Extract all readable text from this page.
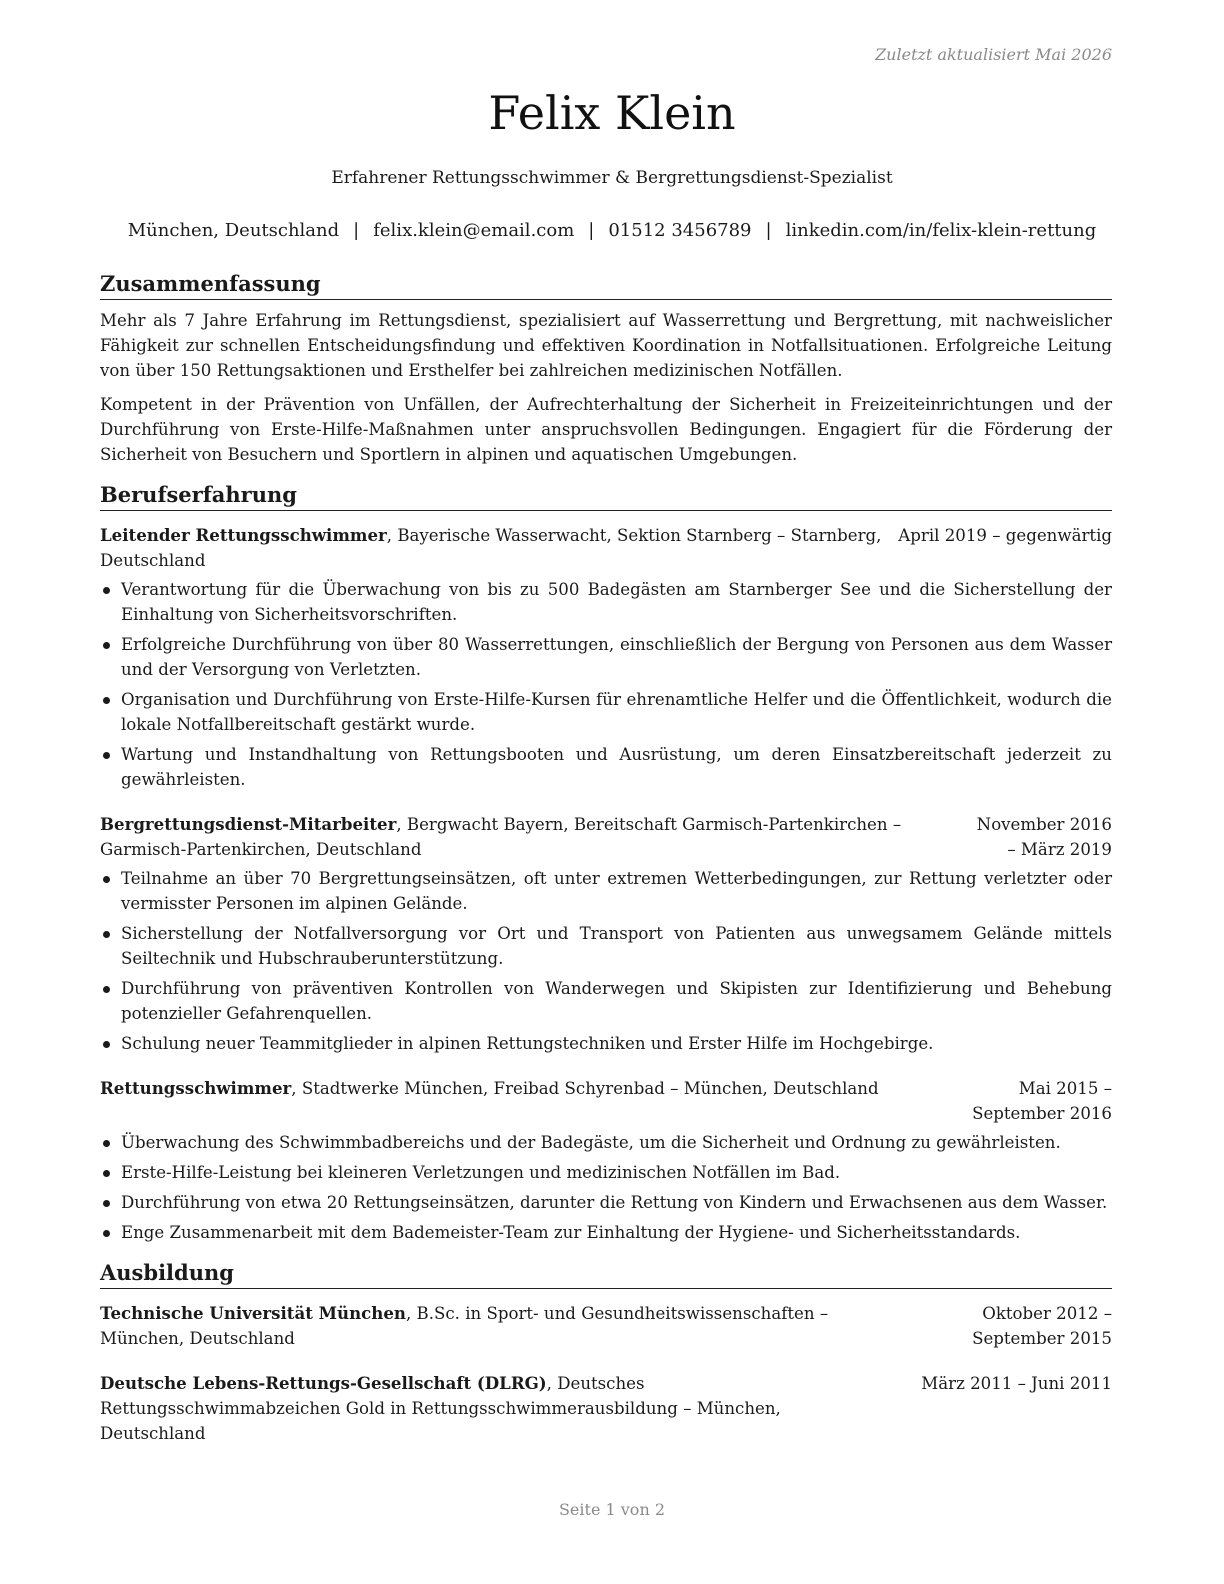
Zuletzt aktualisiert Mai 2026
Felix Klein

Erfahrener Rettungsschwimmer & Bergrettungsdienst-Spezialist

München, Deutschland | felix.klein@email.com | 01512 3456789 | linkedin.com/in/felix-klein-rettung

Zusammenfassung

Mehr als 7 Jahre Erfahrung im Rettungsdienst, spezialisiert auf Wasserrettung und Bergrettung, mit nachweislicher Fähigkeit zur schnellen Entscheidungsfindung und effektiven Koordination in Notfallsituationen. Erfolgreiche Leitung von über 150 Rettungsaktionen und Ersthelfer bei zahlreichen medizinischen Notfällen.

Kompetent in der Prävention von Unfällen, der Aufrechterhaltung der Sicherheit in Freizeiteinrichtungen und der Durchführung von Erste-Hilfe-Maßnahmen unter anspruchsvollen Bedingungen. Engagiert für die Förderung der Sicherheit von Besuchern und Sportlern in alpinen und aquatischen Umgebungen.

Berufserfahrung
Leitender Rettungsschwimmer, Bayerische Wasserwacht, Sektion Starnberg – Starnberg, Deutschland
April 2019 – gegenwärtig
Verantwortung für die Überwachung von bis zu 500 Badegästen am Starnberger See und die Sicherstellung der Einhaltung von Sicherheitsvorschriften.
Erfolgreiche Durchführung von über 80 Wasserrettungen, einschließlich der Bergung von Personen aus dem Wasser und der Versorgung von Verletzten.
Organisation und Durchführung von Erste-Hilfe-Kursen für ehrenamtliche Helfer und die Öffentlichkeit, wodurch die lokale Notfallbereitschaft gestärkt wurde.
Wartung und Instandhaltung von Rettungsbooten und Ausrüstung, um deren Einsatzbereitschaft jederzeit zu gewährleisten.
Bergrettungsdienst-Mitarbeiter, Bergwacht Bayern, Bereitschaft Garmisch-Partenkirchen – Garmisch-Partenkirchen, Deutschland
November 2016 – März 2019
Teilnahme an über 70 Bergrettungseinsätzen, oft unter extremen Wetterbedingungen, zur Rettung verletzter oder vermisster Personen im alpinen Gelände.
Sicherstellung der Notfallversorgung vor Ort und Transport von Patienten aus unwegsamem Gelände mittels Seiltechnik und Hubschrauberunterstützung.
Durchführung von präventiven Kontrollen von Wanderwegen und Skipisten zur Identifizierung und Behebung potenzieller Gefahrenquellen.
Schulung neuer Teammitglieder in alpinen Rettungstechniken und Erster Hilfe im Hochgebirge.
Rettungsschwimmer, Stadtwerke München, Freibad Schyrenbad – München, Deutschland	Mai 2015 – September 2016
Überwachung des Schwimmbadbereichs und der Badegäste, um die Sicherheit und Ordnung zu gewährleisten.
Erste-Hilfe-Leistung bei kleineren Verletzungen und medizinischen Notfällen im Bad.
Durchführung von etwa 20 Rettungseinsätzen, darunter die Rettung von Kindern und Erwachsenen aus dem Wasser.
Enge Zusammenarbeit mit dem Bademeister-Team zur Einhaltung der Hygiene- und Sicherheitsstandards.
Ausbildung
Technische Universität München, B.Sc. in Sport- und Gesundheitswissenschaften – München, Deutschland
Oktober 2012 – September 2015
Deutsche Lebens-Rettungs-Gesellschaft (DLRG), Deutsches Rettungsschwimmabzeichen Gold in Rettungsschwimmerausbildung – München, Deutschland
März 2011 – Juni 2011
Seite 1 von 2
